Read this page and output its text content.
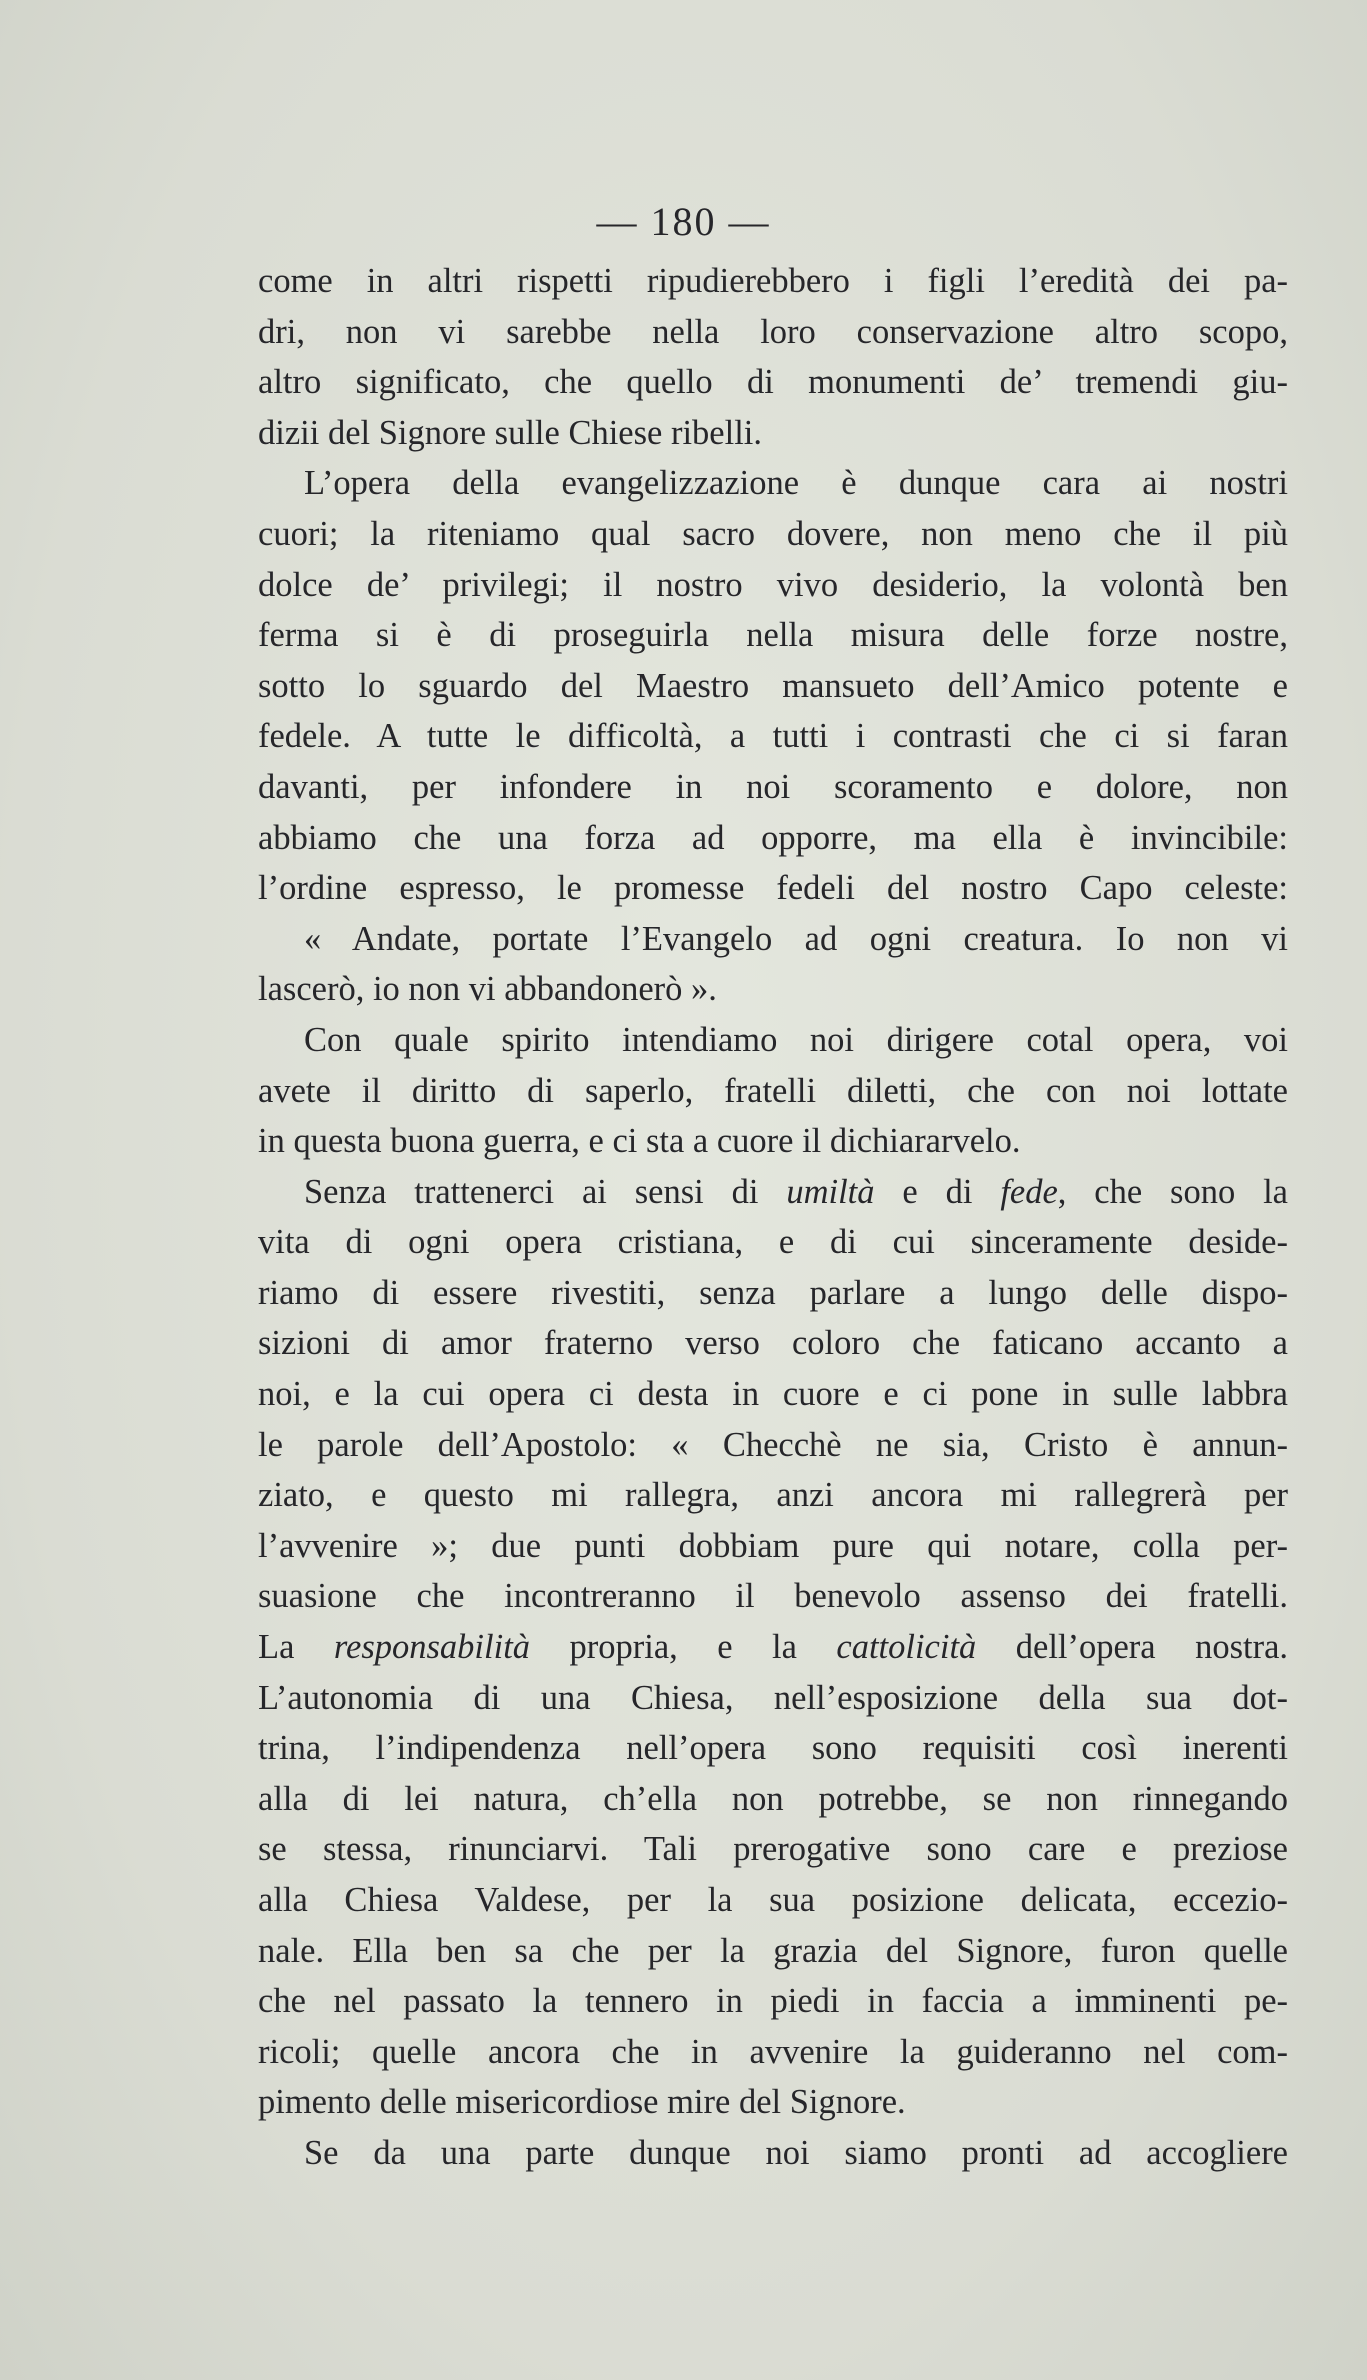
— 180 —
come in altri rispetti ripudierebbero i figli l’eredità dei pa-
dri, non vi sarebbe nella loro conservazione altro scopo,
altro significato, che quello di monumenti de’ tremendi giu-
dizii del Signore sulle Chiese ribelli.
L’opera della evangelizzazione è dunque cara ai nostri
cuori; la riteniamo qual sacro dovere, non meno che il più
dolce de’ privilegi; il nostro vivo desiderio, la volontà ben
ferma si è di proseguirla nella misura delle forze nostre,
sotto lo sguardo del Maestro mansueto dell’Amico potente e
fedele. A tutte le difficoltà, a tutti i contrasti che ci si faran
davanti, per infondere in noi scoramento e dolore, non
abbiamo che una forza ad opporre, ma ella è invincibile:
l’ordine espresso, le promesse fedeli del nostro Capo celeste:
« Andate, portate l’Evangelo ad ogni creatura. Io non vi
lascerò, io non vi abbandonerò ».
Con quale spirito intendiamo noi dirigere cotal opera, voi
avete il diritto di saperlo, fratelli diletti, che con noi lottate
in questa buona guerra, e ci sta a cuore il dichiararvelo.
Senza trattenerci ai sensi di umiltà e di fede, che sono la
vita di ogni opera cristiana, e di cui sinceramente deside-
riamo di essere rivestiti, senza parlare a lungo delle dispo-
sizioni di amor fraterno verso coloro che faticano accanto a
noi, e la cui opera ci desta in cuore e ci pone in sulle labbra
le parole dell’Apostolo: « Checchè ne sia, Cristo è annun-
ziato, e questo mi rallegra, anzi ancora mi rallegrerà per
l’avvenire »; due punti dobbiam pure qui notare, colla per-
suasione che incontreranno il benevolo assenso dei fratelli.
La responsabilità propria, e la cattolicità dell’opera nostra.
L’autonomia di una Chiesa, nell’esposizione della sua dot-
trina, l’indipendenza nell’opera sono requisiti così inerenti
alla di lei natura, ch’ella non potrebbe, se non rinnegando
se stessa, rinunciarvi. Tali prerogative sono care e preziose
alla Chiesa Valdese, per la sua posizione delicata, eccezio-
nale. Ella ben sa che per la grazia del Signore, furon quelle
che nel passato la tennero in piedi in faccia a imminenti pe-
ricoli; quelle ancora che in avvenire la guideranno nel com-
pimento delle misericordiose mire del Signore.
Se da una parte dunque noi siamo pronti ad accogliere
